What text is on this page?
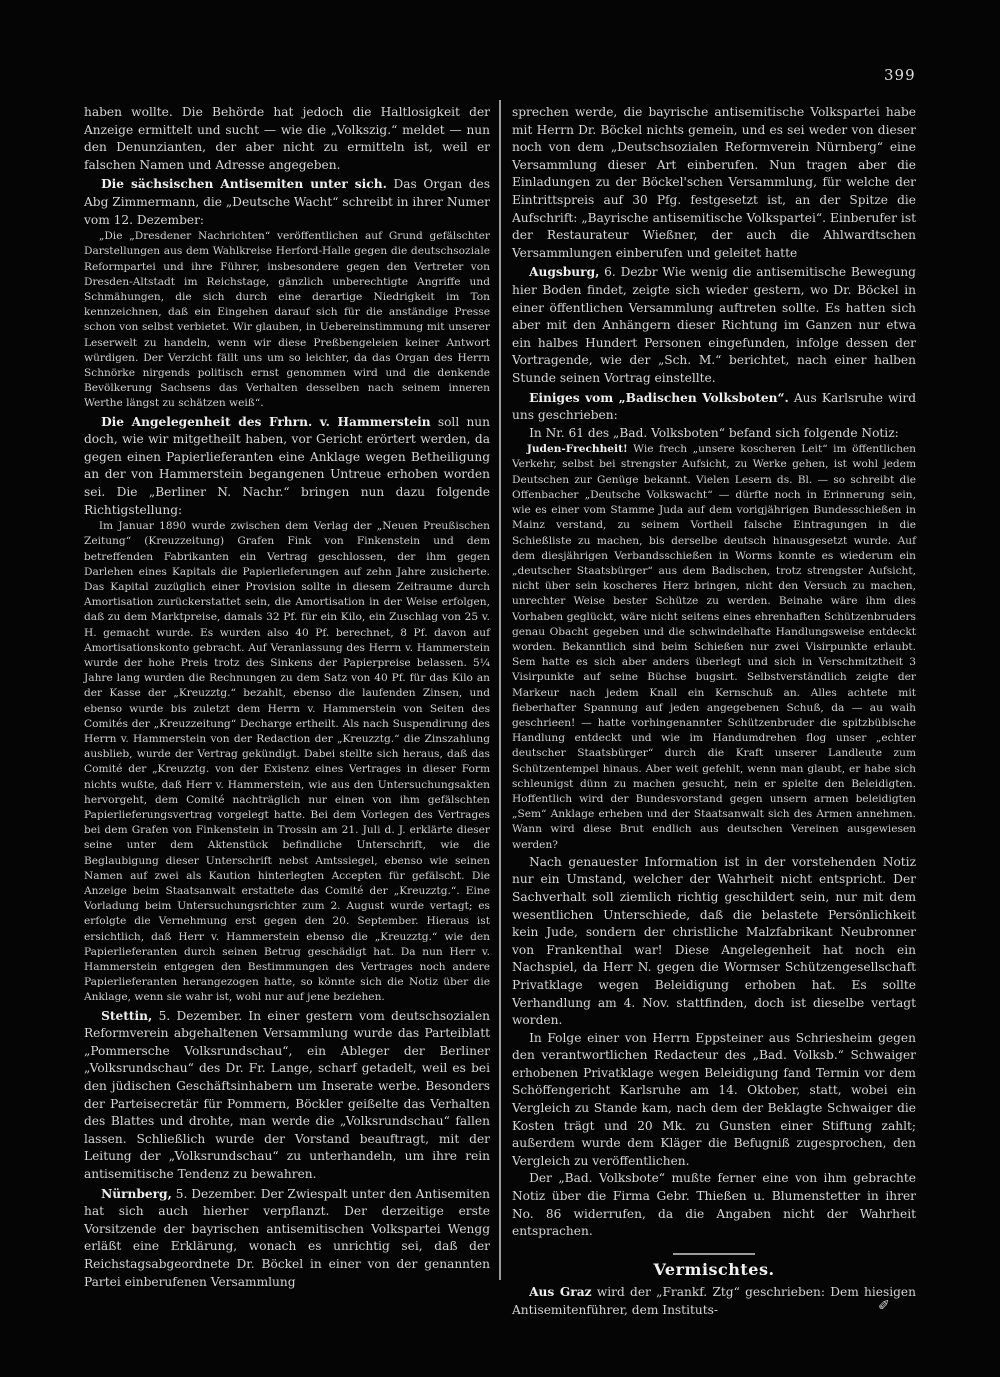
399

haben wollte. Die Behörde hat jedoch die Haltlosigkeit der Anzeige ermittelt und sucht — wie die „Volkszig.“ meldet — nun den Denunzianten, der aber nicht zu ermitteln ist, weil er falschen Namen und Adresse angegeben.

Die sächsischen Antisemiten unter sich. Das Organ des Abg Zimmermann, die „Deutsche Wacht“ schreibt in ihrer Numer vom 12. Dezember:

„Die „Dresdener Nachrichten“ veröffentlichen auf Grund gefälschter Darstellungen aus dem Wahlkreise Herford-Halle gegen die deutschsoziale Reformpartei und ihre Führer, insbesondere gegen den Vertreter von Dresden-Altstadt im Reichstage, gänzlich unberechtigte Angriffe und Schmähungen, die sich durch eine derartige Niedrigkeit im Ton kennzeichnen, daß ein Eingehen darauf sich für die anständige Presse schon von selbst verbietet. Wir glauben, in Uebereinstimmung mit unserer Leserwelt zu handeln, wenn wir diese Preßbengeleien keiner Antwort würdigen. Der Verzicht fällt uns um so leichter, da das Organ des Herrn Schnörke nirgends politisch ernst genommen wird und die denkende Bevölkerung Sachsens das Verhalten desselben nach seinem inneren Werthe längst zu schätzen weiß“.

Die Angelegenheit des Frhrn. v. Hammerstein soll nun doch, wie wir mitgetheilt haben, vor Gericht erörtert werden, da gegen einen Papierlieferanten eine Anklage wegen Betheiligung an der von Hammerstein begangenen Untreue erhoben worden sei. Die „Berliner N. Nachr.“ bringen nun dazu folgende Richtigstellung:

Im Januar 1890 wurde zwischen dem Verlag der „Neuen Preußischen Zeitung“ (Kreuzzeitung) Grafen Fink von Finkenstein und dem betreffenden Fabrikanten ein Vertrag geschlossen, der ihm gegen Darlehen eines Kapitals die Papierlieferungen auf zehn Jahre zusicherte. Das Kapital zuzüglich einer Provision sollte in diesem Zeitraume durch Amortisation zurückerstattet sein, die Amortisation in der Weise erfolgen, daß zu dem Marktpreise, damals 32 Pf. für ein Kilo, ein Zuschlag von 25 v. H. gemacht wurde. Es wurden also 40 Pf. berechnet, 8 Pf. davon auf Amortisationskonto gebracht. Auf Veranlassung des Herrn v. Hammerstein wurde der hohe Preis trotz des Sinkens der Papierpreise belassen. 5¼ Jahre lang wurden die Rechnungen zu dem Satz von 40 Pf. für das Kilo an der Kasse der „Kreuzztg.“ bezahlt, ebenso die laufenden Zinsen, und ebenso wurde bis zuletzt dem Herrn v. Hammerstein von Seiten des Comités der „Kreuzzeitung“ Decharge ertheilt. Als nach Suspendirung des Herrn v. Hammerstein von der Redaction der „Kreuzztg.“ die Zinszahlung ausblieb, wurde der Vertrag gekündigt. Dabei stellte sich heraus, daß das Comité der „Kreuzztg. von der Existenz eines Vertrages in dieser Form nichts wußte, daß Herr v. Hammerstein, wie aus den Untersuchungsakten hervorgeht, dem Comité nachträglich nur einen von ihm gefälschten Papierlieferungsvertrag vorgelegt hatte. Bei dem Vorlegen des Vertrages bei dem Grafen von Finkenstein in Trossin am 21. Juli d. J. erklärte dieser seine unter dem Aktenstück befindliche Unterschrift, wie die Beglaubigung dieser Unterschrift nebst Amtssiegel, ebenso wie seinen Namen auf zwei als Kaution hinterlegten Accepten für gefälscht. Die Anzeige beim Staatsanwalt erstattete das Comité der „Kreuzztg.“. Eine Vorladung beim Untersuchungsrichter zum 2. August wurde vertagt; es erfolgte die Vernehmung erst gegen den 20. September. Hieraus ist ersichtlich, daß Herr v. Hammerstein ebenso die „Kreuzztg.“ wie den Papierlieferanten durch seinen Betrug geschädigt hat. Da nun Herr v. Hammerstein entgegen den Bestimmungen des Vertrages noch andere Papierlieferanten herangezogen hatte, so könnte sich die Notiz über die Anklage, wenn sie wahr ist, wohl nur auf jene beziehen.

Stettin, 5. Dezember. In einer gestern vom deutschsozialen Reformverein abgehaltenen Versammlung wurde das Parteiblatt „Pommersche Volksrundschau“, ein Ableger der Berliner „Volksrundschau“ des Dr. Fr. Lange, scharf getadelt, weil es bei den jüdischen Geschäftsinhabern um Inserate werbe. Besonders der Parteisecretär für Pommern, Böckler geißelte das Verhalten des Blattes und drohte, man werde die „Volksrundschau“ fallen lassen. Schließlich wurde der Vorstand beauftragt, mit der Leitung der „Volksrundschau“ zu unterhandeln, um ihre rein antisemitische Tendenz zu bewahren.

Nürnberg, 5. Dezember. Der Zwiespalt unter den Antisemiten hat sich auch hierher verpflanzt. Der derzeitige erste Vorsitzende der bayrischen antisemitischen Volkspartei Wengg erläßt eine Erklärung, wonach es unrichtig sei, daß der Reichstagsabgeordnete Dr. Böckel in einer von der genannten Partei einberufenen Versammlung

sprechen werde, die bayrische antisemitische Volkspartei habe mit Herrn Dr. Böckel nichts gemein, und es sei weder von dieser noch von dem „Deutschsozialen Reformverein Nürnberg“ eine Versammlung dieser Art einberufen. Nun tragen aber die Einladungen zu der Böckel'schen Versammlung, für welche der Eintrittspreis auf 30 Pfg. festgesetzt ist, an der Spitze die Aufschrift: „Bayrische antisemitische Volkspartei“. Einberufer ist der Restaurateur Wießner, der auch die Ahlwardtschen Versammlungen einberufen und geleitet hatte

Augsburg, 6. Dezbr Wie wenig die antisemitische Bewegung hier Boden findet, zeigte sich wieder gestern, wo Dr. Böckel in einer öffentlichen Versammlung auftreten sollte. Es hatten sich aber mit den Anhängern dieser Richtung im Ganzen nur etwa ein halbes Hundert Personen eingefunden, infolge dessen der Vortragende, wie der „Sch. M.“ berichtet, nach einer halben Stunde seinen Vortrag einstellte.

Einiges vom „Badischen Volksboten“. Aus Karlsruhe wird uns geschrieben:

In Nr. 61 des „Bad. Volksboten“ befand sich folgende Notiz:

Juden-Frechheit! Wie frech „unsere koscheren Leit“ im öffentlichen Verkehr, selbst bei strengster Aufsicht, zu Werke gehen, ist wohl jedem Deutschen zur Genüge bekannt. Vielen Lesern ds. Bl. — so schreibt die Offenbacher „Deutsche Volkswacht“ — dürfte noch in Erinnerung sein, wie es einer vom Stamme Juda auf dem vorigjährigen Bundesschießen in Mainz verstand, zu seinem Vortheil falsche Eintragungen in die Schießliste zu machen, bis derselbe deutsch hinausgesetzt wurde. Auf dem diesjährigen Verbandsschießen in Worms konnte es wiederum ein „deutscher Staatsbürger“ aus dem Badischen, trotz strengster Aufsicht, nicht über sein koscheres Herz bringen, nicht den Versuch zu machen, unrechter Weise bester Schütze zu werden. Beinahe wäre ihm dies Vorhaben geglückt, wäre nicht seitens eines ehrenhaften Schützenbruders genau Obacht gegeben und die schwindelhafte Handlungsweise entdeckt worden. Bekanntlich sind beim Schießen nur zwei Visirpunkte erlaubt. Sem hatte es sich aber anders überlegt und sich in Verschmitztheit 3 Visirpunkte auf seine Büchse bugsirt. Selbstverständlich zeigte der Markeur nach jedem Knall ein Kernschuß an. Alles achtete mit fieberhafter Spannung auf jeden angegebenen Schuß, da — au waih geschrieen! — hatte vorhingenannter Schützenbruder die spitzbübische Handlung entdeckt und wie im Handumdrehen flog unser „echter deutscher Staatsbürger“ durch die Kraft unserer Landleute zum Schützentempel hinaus. Aber weit gefehlt, wenn man glaubt, er habe sich schleunigst dünn zu machen gesucht, nein er spielte den Beleidigten. Hoffentlich wird der Bundesvorstand gegen unsern armen beleidigten „Sem“ Anklage erheben und der Staatsanwalt sich des Armen annehmen. Wann wird diese Brut endlich aus deutschen Vereinen ausgewiesen werden?

Nach genauester Information ist in der vorstehenden Notiz nur ein Umstand, welcher der Wahrheit nicht entspricht. Der Sachverhalt soll ziemlich richtig geschildert sein, nur mit dem wesentlichen Unterschiede, daß die belastete Persönlichkeit kein Jude, sondern der christliche Malzfabrikant Neubronner von Frankenthal war! Diese Angelegenheit hat noch ein Nachspiel, da Herr N. gegen die Wormser Schützengesellschaft Privatklage wegen Beleidigung erhoben hat. Es sollte Verhandlung am 4. Nov. stattfinden, doch ist dieselbe vertagt worden.

In Folge einer von Herrn Eppsteiner aus Schriesheim gegen den verantwortlichen Redacteur des „Bad. Volksb.“ Schwaiger erhobenen Privatklage wegen Beleidigung fand Termin vor dem Schöffengericht Karlsruhe am 14. Oktober, statt, wobei ein Vergleich zu Stande kam, nach dem der Beklagte Schwaiger die Kosten trägt und 20 Mk. zu Gunsten einer Stiftung zahlt; außerdem wurde dem Kläger die Befugniß zugesprochen, den Vergleich zu veröffentlichen.

Der „Bad. Volksbote“ mußte ferner eine von ihm gebrachte Notiz über die Firma Gebr. Thießen u. Blumenstetter in ihrer No. 86 widerrufen, da die Angaben nicht der Wahrheit entsprachen.

Vermischtes.

Aus Graz wird der „Frankf. Ztg“ geschrieben: Dem hiesigen Antisemitenführer, dem Instituts-	✐
